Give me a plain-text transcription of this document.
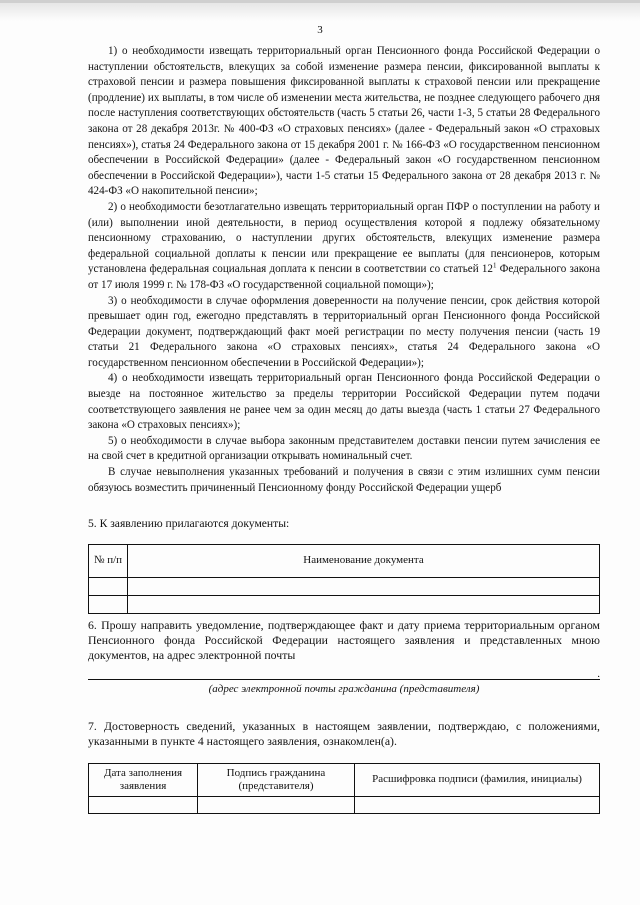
3

1) о необходимости извещать территориальный орган Пенсионного фонда Российской Федерации о наступлении обстоятельств, влекущих за собой изменение размера пенсии, фиксированной выплаты к страховой пенсии и размера повышения фиксированной выплаты к страховой пенсии или прекращение (продление) их выплаты, в том числе об изменении места жительства, не позднее следующего рабочего дня после наступления соответствующих обстоятельств (часть 5 статьи 26, части 1-3, 5 статьи 28 Федерального закона от 28 декабря 2013г. № 400-ФЗ «О страховых пенсиях» (далее - Федеральный закон «О страховых пенсиях»), статья 24 Федерального закона от 15 декабря 2001 г. № 166-ФЗ «О государственном пенсионном обеспечении в Российской Федерации» (далее - Федеральный закон «О государственном пенсионном обеспечении в Российской Федерации»), части 1-5 статьи 15 Федерального закона от 28 декабря 2013 г. № 424-ФЗ «О накопительной пенсии»;

2) о необходимости безотлагательно извещать территориальный орган ПФР о поступлении на работу и (или) выполнении иной деятельности, в период осуществления которой я подлежу обязательному пенсионному страхованию, о наступлении других обстоятельств, влекущих изменение размера федеральной социальной доплаты к пенсии или прекращение ее выплаты (для пенсионеров, которым установлена федеральная социальная доплата к пенсии в соответствии со статьей $12^1$ Федерального закона от 17 июля 1999 г. № 178-ФЗ «О государственной социальной помощи»);

3) о необходимости в случае оформления доверенности на получение пенсии, срок действия которой превышает один год, ежегодно представлять в территориальный орган Пенсионного фонда Российской Федерации документ, подтверждающий факт моей регистрации по месту получения пенсии (часть 19 статьи 21 Федерального закона «О страховых пенсиях», статья 24 Федерального закона «О государственном пенсионном обеспечении в Российской Федерации»);

4) о необходимости извещать территориальный орган Пенсионного фонда Российской Федерации о выезде на постоянное жительство за пределы территории Российской Федерации путем подачи соответствующего заявления не ранее чем за один месяц до даты выезда (часть 1 статьи 27 Федерального закона «О страховых пенсиях»);

5) о необходимости в случае выбора законным представителем доставки пенсии путем зачисления ее на свой счет в кредитной организации открывать номинальный счет.

В случае невыполнения указанных требований и получения в связи с этим излишних сумм пенсии обязуюсь возместить причиненный Пенсионному фонду Российской Федерации ущерб

5. К заявлению прилагаются документы:
№ п/п	Наименование документа

6. Прошу направить уведомление, подтверждающее факт и дату приема территориальным органом Пенсионного фонда Российской Федерации настоящего заявления и представленных мною документов, на адрес электронной почты

.
(адрес электронной почты гражданина (представителя)

7. Достоверность сведений, указанных в настоящем заявлении, подтверждаю, с положениями, указанными в пункте 4 настоящего заявления, ознакомлен(а).

Дата заполнения заявления	Подпись гражданина (представителя)	Расшифровка подписи (фамилия, инициалы)
